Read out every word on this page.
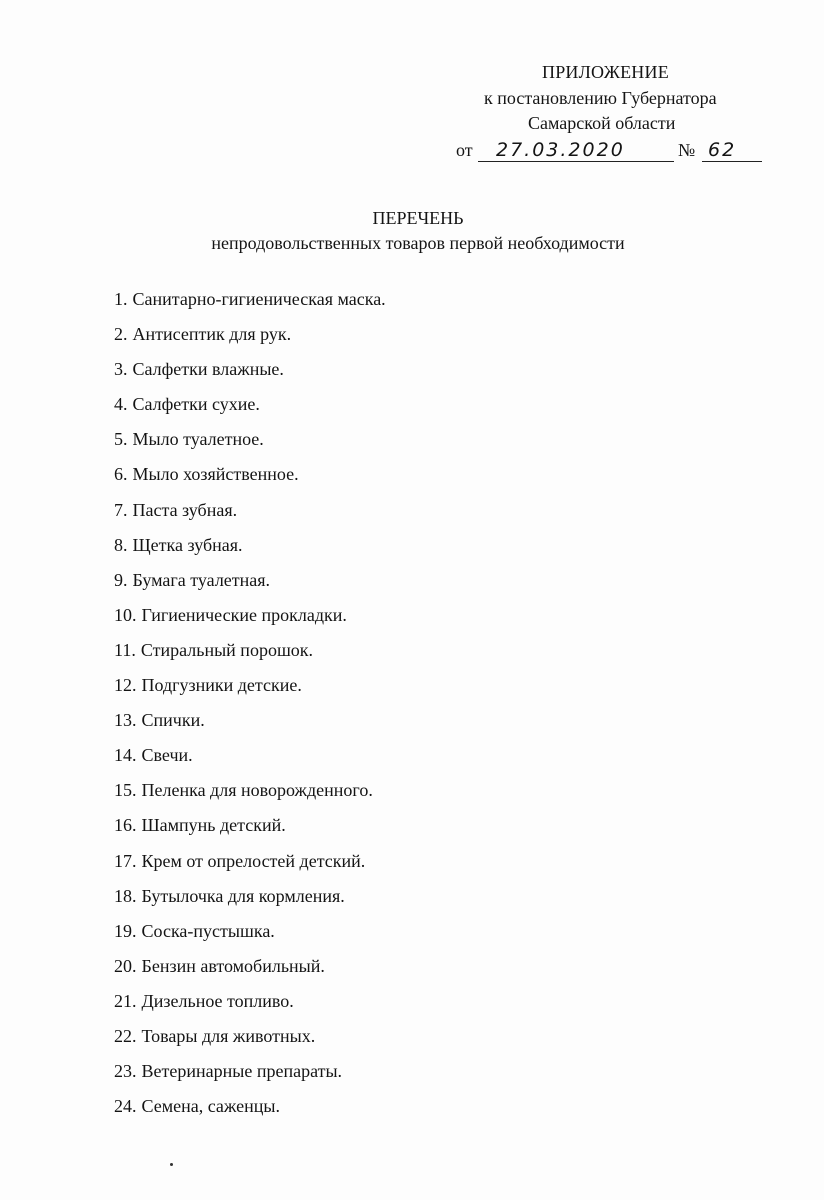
ПРИЛОЖЕНИЕ
к постановлению Губернатора
Самарской области
от	27.03.2020	№ 62
ПЕРЕЧЕНЬ
непродовольственных товаров первой необходимости
1. Санитарно-гигиеническая маска.
2. Антисептик для рук.
3. Салфетки влажные.
4. Салфетки сухие.
5. Мыло туалетное.
6. Мыло хозяйственное.
7. Паста зубная.
8. Щетка зубная.
9. Бумага туалетная.
10. Гигиенические прокладки.
11. Стиральный порошок.
12. Подгузники детские.
13. Спички.
14. Свечи.
15. Пеленка для новорожденного.
16. Шампунь детский.
17. Крем от опрелостей детский.
18. Бутылочка для кормления.
19. Соска-пустышка.
20. Бензин автомобильный.
21. Дизельное топливо.
22. Товары для животных.
23. Ветеринарные препараты.
24. Семена, саженцы.
